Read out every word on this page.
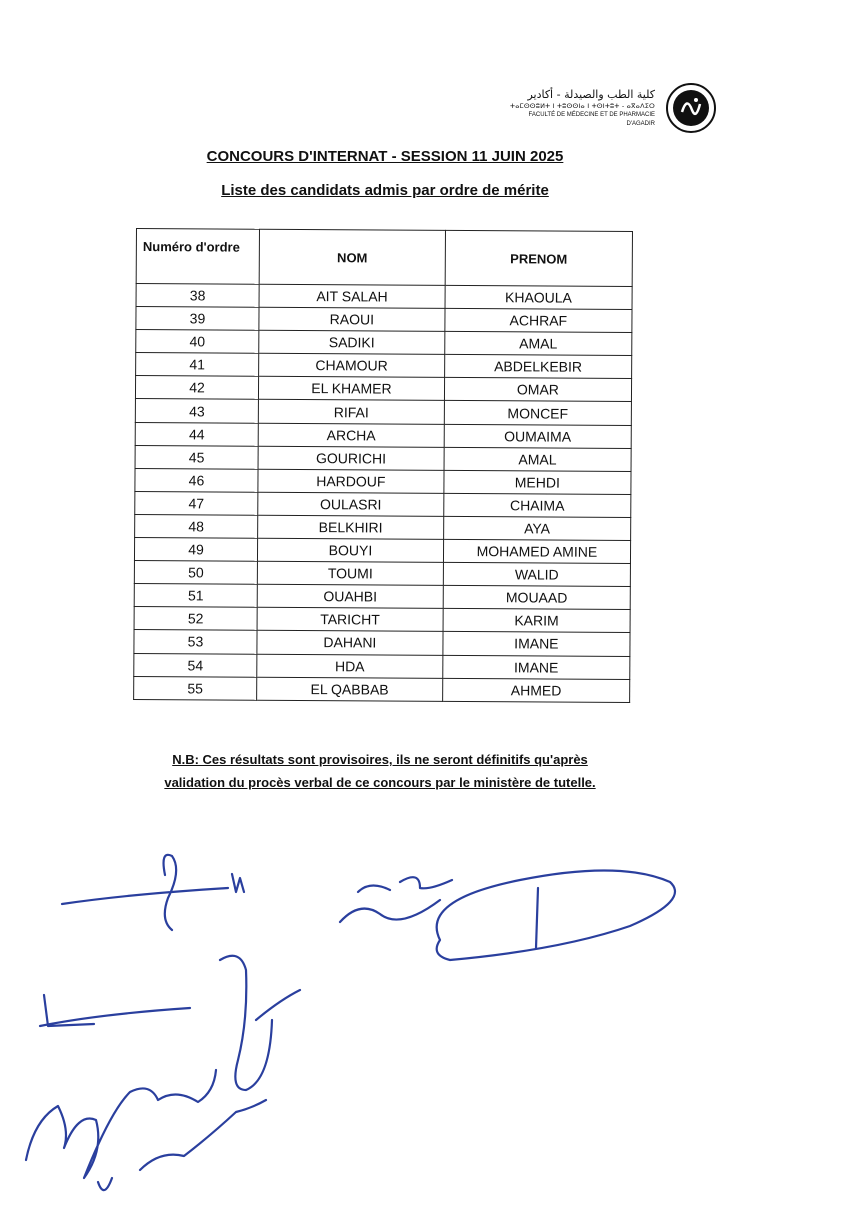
كلية الطب والصيدلة - أكادير
ⵜⴰⵎⵙⵙⵓⵍⵜ ⵏ ⵜⵓⵙⵙⵏⴰ ⵏ ⵜⵙⵏⵜⵓⵜ - ⴰⴳⴰⴷⵉⵔ
FACULTÉ DE MÉDECINE ET DE PHARMACIE D'AGADIR
CONCOURS D'INTERNAT - SESSION 11 JUIN 2025
Liste des candidats admis par ordre de mérite
Numéro d'ordre	NOM	PRENOM
38	AIT SALAH	KHAOULA
39	RAOUI	ACHRAF
40	SADIKI	AMAL
41	CHAMOUR	ABDELKEBIR
42	EL KHAMER	OMAR
43	RIFAI	MONCEF
44	ARCHA	OUMAIMA
45	GOURICHI	AMAL
46	HARDOUF	MEHDI
47	OULASRI	CHAIMA
48	BELKHIRI	AYA
49	BOUYI	MOHAMED AMINE
50	TOUMI	WALID
51	OUAHBI	MOUAAD
52	TARICHT	KARIM
53	DAHANI	IMANE
54	HDA	IMANE
55	EL QABBAB	AHMED
N.B: Ces résultats sont provisoires, ils ne seront définitifs qu'après
validation du procès verbal de ce concours par le ministère de tutelle.
